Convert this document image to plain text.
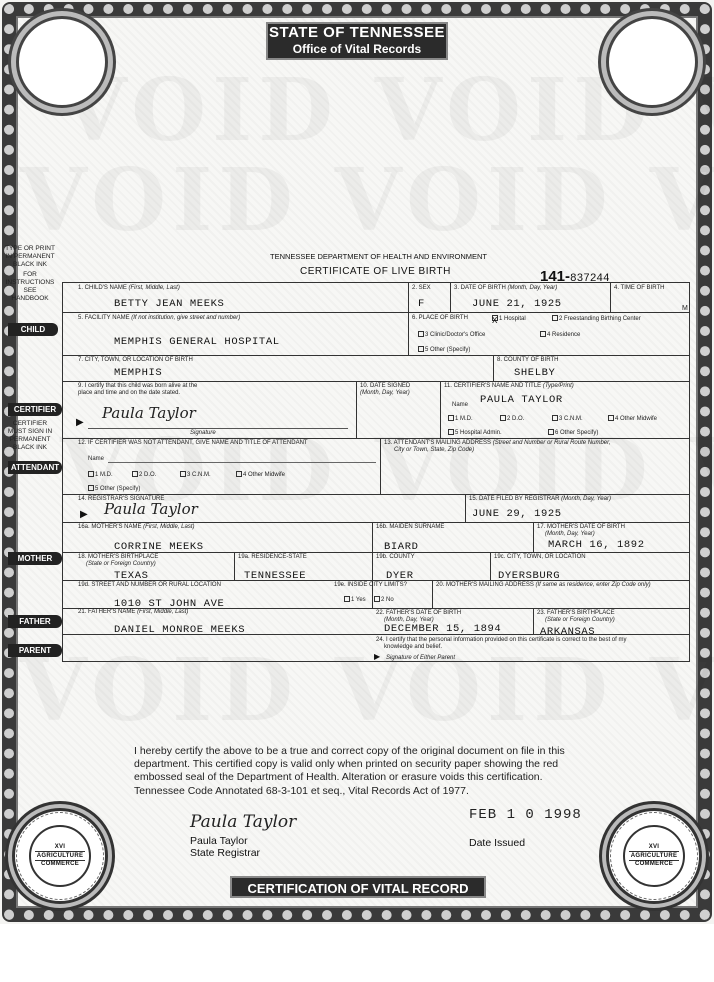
STATE OF TENNESSEE
Office of Vital Records
TENNESSEE DEPARTMENT OF HEALTH AND ENVIRONMENT
CERTIFICATE OF LIVE BIRTH	141-837244
TYPE OR PRINT
IN PERMANENT
BLACK INK
FOR
INSTRUCTIONS
SEE
HANDBOOK
CERTIFIER
MUST SIGN IN
PERMANENT
BLACK INK
CHILD
CERTIFIER
ATTENDANT
MOTHER
FATHER
PARENT
1. CHILD'S NAME (First, Middle, Last)
BETTY JEAN MEEKS
2. SEX
F
3. DATE OF BIRTH (Month, Day, Year)
JUNE 21, 1925
4. TIME OF BIRTH
M
5. FACILITY NAME (If not institution, give street and number)
MEMPHIS GENERAL HOSPITAL
6. PLACE OF BIRTH	1 Hospital
X	2 Freestanding Birthing Center
3 Clinic/Doctor's Office	4 Residence
5 Other (Specify)
7. CITY, TOWN, OR LOCATION OF BIRTH
MEMPHIS
8. COUNTY OF BIRTH
SHELBY
9. I certify that this child was born alive at the
place and time and on the date stated.
▶
Paula Taylor
Signature
10. DATE SIGNED
(Month, Day, Year)
11. CERTIFIER'S NAME AND TITLE (Type/Print)
Name PAULA TAYLOR
1 M.D.	2 D.O.	3 C.N.M.	4 Other Midwife
5 Hospital Admin.	6 Other Specify)
12. IF CERTIFIER WAS NOT ATTENDANT, GIVE NAME AND TITLE OF ATTENDANT
Name
1 M.D.	2 D.O.	3 C.N.M.	4 Other Midwife
5 Other (Specify)
13. ATTENDANT'S MAILING ADDRESS (Street and Number or Rural Route Number,
City or Town, State, Zip Code)
14. REGISTRAR'S SIGNATURE
▶ Paula Taylor
15. DATE FILED BY REGISTRAR (Month, Day, Year)
JUNE 29, 1925
16a. MOTHER'S NAME (First, Middle, Last)
CORRINE MEEKS
16b. MAIDEN SURNAME
BIARD
17. MOTHER'S DATE OF BIRTH
(Month, Day, Year)
MARCH 16, 1892
18. MOTHER'S BIRTHPLACE
(State or Foreign Country)
TEXAS
19a. RESIDENCE-STATE
TENNESSEE
19b. COUNTY
DYER
19c. CITY, TOWN, OR LOCATION
DYERSBURG
19d. STREET AND NUMBER OR RURAL LOCATION
1010 ST JOHN AVE
19e. INSIDE CITY LIMITS?
1 Yes	2 No
20. MOTHER'S MAILING ADDRESS (If same as residence, enter Zip Code only)
21. FATHER'S NAME (First, Middle, Last)
DANIEL MONROE MEEKS
22. FATHER'S DATE OF BIRTH
(Month, Day, Year)
DECEMBER 15, 1894
23. FATHER'S BIRTHPLACE
(State or Foreign Country)
ARKANSAS
24. I certify that the personal information provided on this certificate is correct to the best of my
knowledge and belief.
▶ Signature of Either Parent
I hereby certify the above to be a true and correct copy of the original document on file in this department. This certified copy is valid only when printed on security paper showing the red embossed seal of the Department of Health. Alteration or erasure voids this certification.
Tennessee Code Annotated 68-3-101 et seq., Vital Records Act of 1977.
Paula Taylor
Paula Taylor
State Registrar
FEB 1 0 1998
Date Issued
XVI
AGRICULTURE
COMMERCE
XVI
AGRICULTURE
COMMERCE
CERTIFICATION OF VITAL RECORD
